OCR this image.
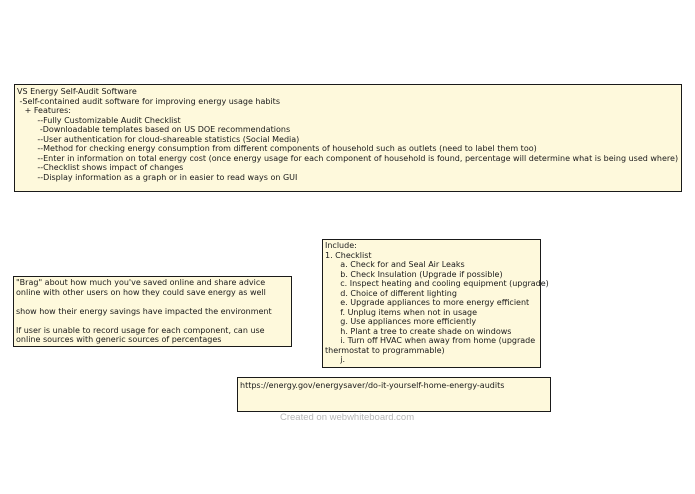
VS Energy Self-Audit Software
-Self-contained audit software for improving energy usage habits
+ Features:
--Fully Customizable Audit Checklist
-Downloadable templates based on US DOE recommendations
--User authentication for cloud-shareable statistics (Social Media)
--Method for checking energy consumption from different components of household such as outlets (need to label them too)
--Enter in information on total energy cost (once energy usage for each component of household is found, percentage will determine what is being used where)
--Checklist shows impact of changes
--Display information as a graph or in easier to read ways on GUI
"Brag" about how much you've saved online and share advice online with other users on how they could save energy as well
show how their energy savings have impacted the environment
If user is unable to record usage for each component, can use online sources with generic sources of percentages
Include:
1. Checklist
a. Check for and Seal Air Leaks
b. Check Insulation (Upgrade if possible)
c. Inspect heating and cooling equipment (upgrade)
d. Choice of different lighting
e. Upgrade appliances to more energy efficient
f. Unplug items when not in usage
g. Use appliances more efficiently
h. Plant a tree to create shade on windows
i. Turn off HVAC when away from home (upgrade thermostat to programmable)
j.
https://energy.gov/energysaver/do-it-yourself-home-energy-audits
Created on webwhiteboard.com
